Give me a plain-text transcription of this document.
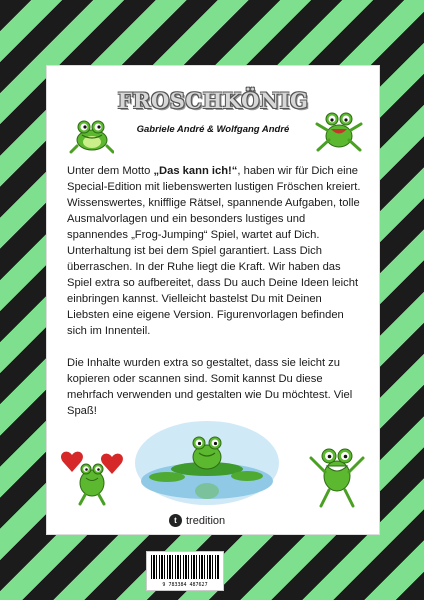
FROSCHKÖNIG
Gabriele André & Wolfgang André
Unter dem Motto „Das kann ich!“, haben wir für Dich eine Special-Edition mit liebenswerten lustigen Fröschen kreiert. Wissenswertes, knifflige Rätsel, spannende Aufgaben, tolle Ausmalvorlagen und ein besonders lustiges und spannendes „Frog-Jumping“ Spiel, wartet auf Dich. Unterhaltung ist bei dem Spiel garantiert. Lass Dich überraschen. In der Ruhe liegt die Kraft. Wir haben das Spiel extra so aufbereitet, dass Du auch Deine Ideen leicht einbringen kannst. Vielleicht bastelst Du mit Deinen Liebsten eine eigene Version. Figurenvorlagen befinden sich im Innenteil.
Die Inhalte wurden extra so gestaltet, dass sie leicht zu kopieren oder scannen sind. Somit kannst Du diese mehrfach verwenden und gestalten wie Du möchtest. Viel Spaß!
t tredition
9 783384 487627
